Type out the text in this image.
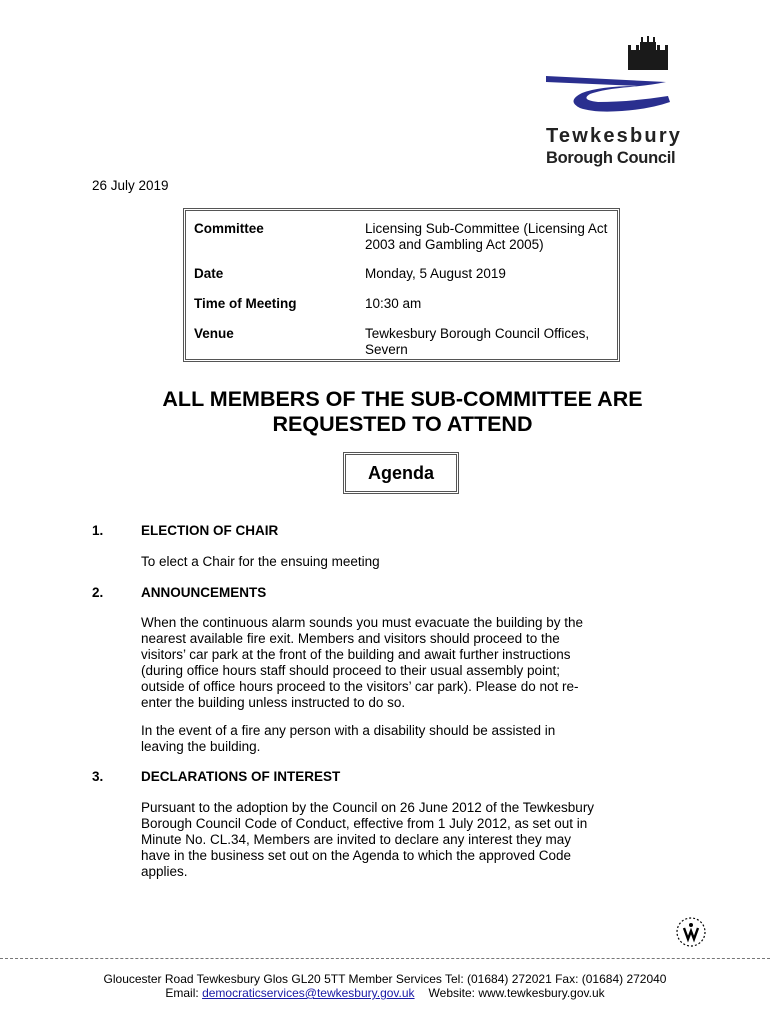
Tewkesbury
Borough Council
26 July 2019
Committee	Licensing Sub-Committee (Licensing Act 2003 and Gambling Act 2005)
Date	Monday, 5 August 2019
Time of Meeting	10:30 am
Venue	Tewkesbury Borough Council Offices, Severn
ALL MEMBERS OF THE SUB-COMMITTEE ARE REQUESTED TO ATTEND
Agenda
1.	ELECTION OF CHAIR
To elect a Chair for the ensuing meeting
2.	ANNOUNCEMENTS
When the continuous alarm sounds you must evacuate the building by the nearest available fire exit. Members and visitors should proceed to the visitors’ car park at the front of the building and await further instructions (during office hours staff should proceed to their usual assembly point; outside of office hours proceed to the visitors’ car park). Please do not re-enter the building unless instructed to do so.
In the event of a fire any person with a disability should be assisted in leaving the building.
3.	DECLARATIONS OF INTEREST
Pursuant to the adoption by the Council on 26 June 2012 of the Tewkesbury Borough Council Code of Conduct, effective from 1 July 2012, as set out in Minute No. CL.34, Members are invited to declare any interest they may have in the business set out on the Agenda to which the approved Code applies.
Gloucester Road Tewkesbury Glos GL20 5TT Member Services Tel: (01684) 272021 Fax: (01684) 272040
Email: democraticservices@tewkesbury.gov.uk Website: www.tewkesbury.gov.uk
